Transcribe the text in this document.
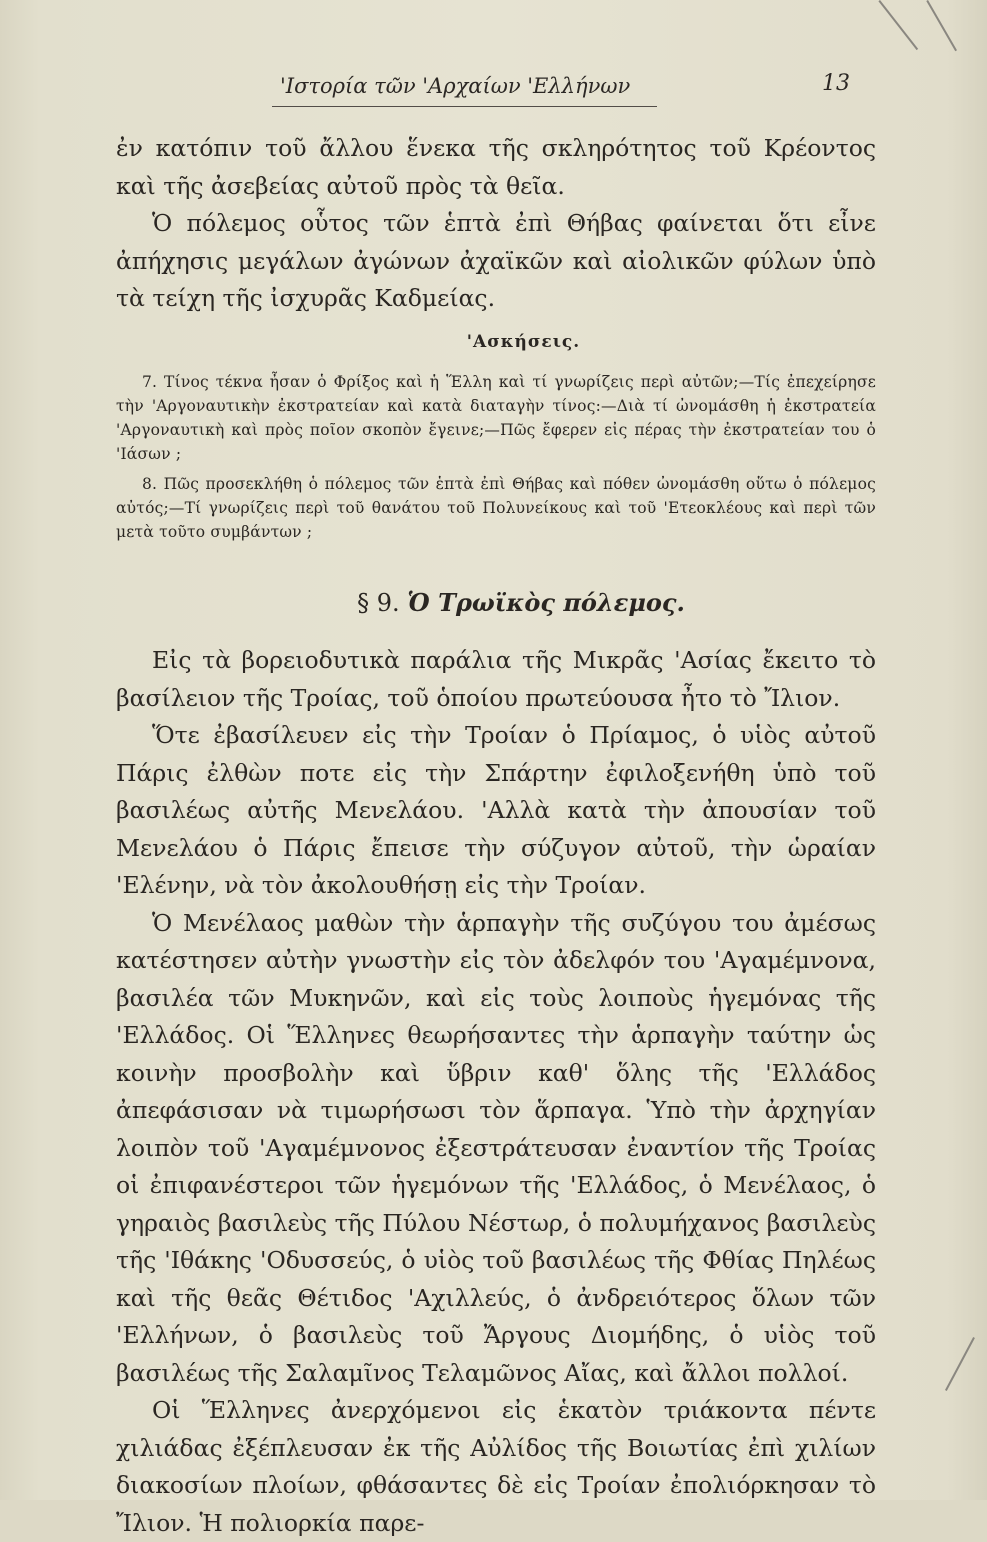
'Ιστορία τῶν 'Αρχαίων 'Ελλήνων	13

ἐν κατόπιν τοῦ ἄλλου ἕνεκα τῆς σκληρότητος τοῦ Κρέοντος καὶ τῆς ἀσεβείας αὐτοῦ πρὸς τὰ θεῖα.

Ὁ πόλεμος οὗτος τῶν ἑπτὰ ἐπὶ Θήβας φαίνεται ὅτι εἶνε ἀπήχησις μεγάλων ἀγώνων ἀχαϊκῶν καὶ αἰολικῶν φύλων ὑπὸ τὰ τείχη τῆς ἰσχυρᾶς Καδμείας.

'Ασκήσεις.

7. Τίνος τέκνα ἦσαν ὁ Φρίξος καὶ ἡ Ἕλλη καὶ τί γνωρίζεις περὶ αὐτῶν;—Τίς ἐπεχείρησε τὴν 'Αργοναυτικὴν ἐκστρατείαν καὶ κατὰ διαταγὴν τίνος:—Διὰ τί ὠνομάσθη ἡ ἐκστρατεία 'Αργοναυτικὴ καὶ πρὸς ποῖον σκοπὸν ἔγεινε;—Πῶς ἔφερεν εἰς πέρας τὴν ἐκστρατείαν του ὁ 'Ιάσων ;

8. Πῶς προσεκλήθη ὁ πόλεμος τῶν ἑπτὰ ἐπὶ Θήβας καὶ πόθεν ὠνομάσθη οὕτω ὁ πόλεμος αὐτός;—Τί γνωρίζεις περὶ τοῦ θανάτου τοῦ Πολυνείκους καὶ τοῦ 'Ετεοκλέους καὶ περὶ τῶν μετὰ τοῦτο συμβάντων ;

§ 9. Ὁ Τρωϊκὸς πόλεμος.

Εἰς τὰ βορειοδυτικὰ παράλια τῆς Μικρᾶς 'Ασίας ἔκειτο τὸ βασίλειον τῆς Τροίας, τοῦ ὁποίου πρωτεύουσα ἦτο τὸ Ἴλιον.

Ὅτε ἐβασίλευεν εἰς τὴν Τροίαν ὁ Πρίαμος, ὁ υἱὸς αὐτοῦ Πάρις ἐλθὼν ποτε εἰς τὴν Σπάρτην ἐφιλοξενήθη ὑπὸ τοῦ βασιλέως αὐτῆς Μενελάου. 'Αλλὰ κατὰ τὴν ἀπουσίαν τοῦ Μενελάου ὁ Πάρις ἔπεισε τὴν σύζυγον αὐτοῦ, τὴν ὡραίαν 'Ελένην, νὰ τὸν ἀκολουθήσῃ εἰς τὴν Τροίαν.

Ὁ Μενέλαος μαθὼν τὴν ἁρπαγὴν τῆς συζύγου του ἀμέσως κατέστησεν αὐτὴν γνωστὴν εἰς τὸν ἀδελφόν του 'Αγαμέμνονα, βασιλέα τῶν Μυκηνῶν, καὶ εἰς τοὺς λοιποὺς ἡγεμόνας τῆς 'Ελλάδος. Οἱ Ἕλληνες θεωρήσαντες τὴν ἁρπαγὴν ταύτην ὡς κοινὴν προσβολὴν καὶ ὕβριν καθ' ὅλης τῆς 'Ελλάδος ἀπεφάσισαν νὰ τιμωρήσωσι τὸν ἅρπαγα. Ὑπὸ τὴν ἀρχηγίαν λοιπὸν τοῦ 'Αγαμέμνονος ἐξεστράτευσαν ἐναντίον τῆς Τροίας οἱ ἐπιφανέστεροι τῶν ἡγεμόνων τῆς 'Ελλάδος, ὁ Μενέλαος, ὁ γηραιὸς βασιλεὺς τῆς Πύλου Νέστωρ, ὁ πολυμήχανος βασιλεὺς τῆς 'Ιθάκης 'Οδυσσεύς, ὁ υἱὸς τοῦ βασιλέως τῆς Φθίας Πηλέως καὶ τῆς θεᾶς Θέτιδος 'Αχιλλεύς, ὁ ἀνδρειότερος ὅλων τῶν 'Ελλήνων, ὁ βασιλεὺς τοῦ Ἄργους Διομήδης, ὁ υἱὸς τοῦ βασιλέως τῆς Σαλαμῖνος Τελαμῶνος Αἴας, καὶ ἄλλοι πολλοί.

Οἱ Ἕλληνες ἀνερχόμενοι εἰς ἑκατὸν τριάκοντα πέντε χιλιάδας ἐξέπλευσαν ἐκ τῆς Αὐλίδος τῆς Βοιωτίας ἐπὶ χιλίων διακοσίων πλοίων, φθάσαντες δὲ εἰς Τροίαν ἐπολιόρκησαν τὸ Ἴλιον. Ἡ πολιορκία παρε-
